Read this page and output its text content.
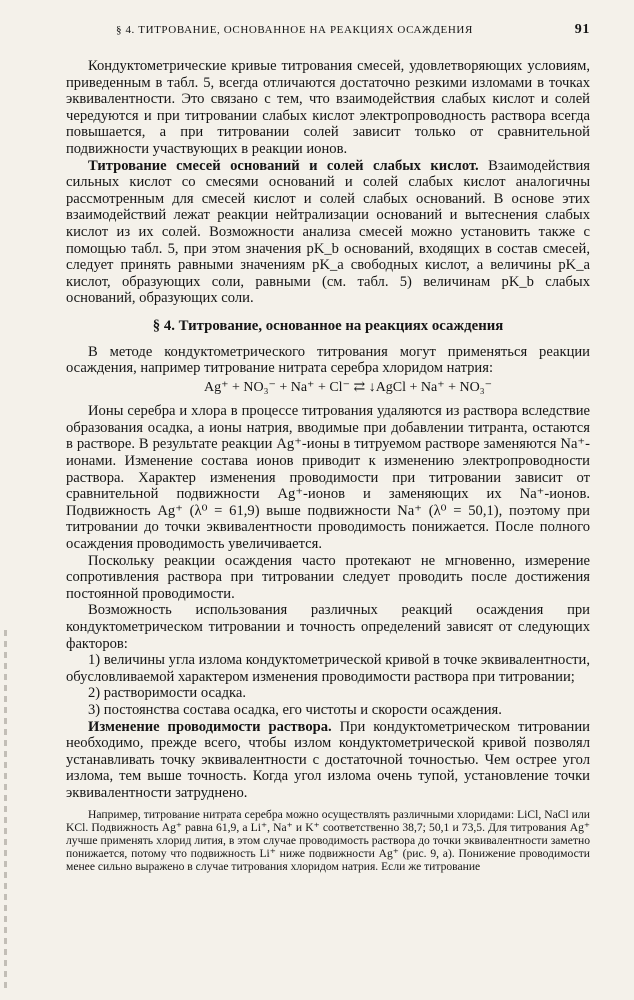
§ 4. ТИТРОВАНИЕ, ОСНОВАННОЕ НА РЕАКЦИЯХ ОСАЖДЕНИЯ	91

Кондуктометрические кривые титрования смесей, удовлетворяющих условиям, приведенным в табл. 5, всегда отличаются достаточно резкими изломами в точках эквивалентности. Это связано с тем, что взаимодействия слабых кислот и солей чередуются и при титровании слабых кислот электропроводность раствора всегда повышается, а при титровании солей зависит только от сравнительной подвижности участвующих в реакции ионов.

Титрование смесей оснований и солей слабых кислот. Взаимодействия сильных кислот со смесями оснований и солей слабых кислот аналогичны рассмотренным для смесей кислот и солей слабых оснований. В основе этих взаимодействий лежат реакции нейтрализации оснований и вытеснения слабых кислот из их солей. Возможности анализа смесей можно установить также с помощью табл. 5, при этом значения pK_b оснований, входящих в состав смесей, следует принять равными значениям pK_a свободных кислот, а величины pK_a кислот, образующих соли, равными (см. табл. 5) величинам pK_b слабых оснований, образующих соли.

§ 4. Титрование, основанное на реакциях осаждения

В методе кондуктометрического титрования могут применяться реакции осаждения, например титрование нитрата серебра хлоридом натрия:

Ag⁺ + NO₃⁻ + Na⁺ + Cl⁻ ⇄ ↓AgCl + Na⁺ + NO₃⁻

Ионы серебра и хлора в процессе титрования удаляются из раствора вследствие образования осадка, а ионы натрия, вводимые при добавлении титранта, остаются в растворе. В результате реакции Ag⁺-ионы в титруемом растворе заменяются Na⁺-ионами. Изменение состава ионов приводит к изменению электропроводности раствора. Характер изменения проводимости при титровании зависит от сравнительной подвижности Ag⁺-ионов и заменяющих их Na⁺-ионов. Подвижность Ag⁺ (λ⁰ = 61,9) выше подвижности Na⁺ (λ⁰ = 50,1), поэтому при титровании до точки эквивалентности проводимость понижается. После полного осаждения проводимость увеличивается.

Поскольку реакции осаждения часто протекают не мгновенно, измерение сопротивления раствора при титровании следует проводить после достижения постоянной проводимости.

Возможность использования различных реакций осаждения при кондуктометрическом титровании и точность определений зависят от следующих факторов:

1) величины угла излома кондуктометрической кривой в точке эквивалентности, обусловливаемой характером изменения проводимости раствора при титровании;

2) растворимости осадка.

3) постоянства состава осадка, его чистоты и скорости осаждения.

Изменение проводимости раствора. При кондуктометрическом титровании необходимо, прежде всего, чтобы излом кондуктометрической кривой позволял устанавливать точку эквивалентности с достаточной точностью. Чем острее угол излома, тем выше точность. Когда угол излома очень тупой, установление точки эквивалентности затруднено.

Например, титрование нитрата серебра можно осуществлять различными хлоридами: LiCl, NaCl или KCl. Подвижность Ag⁺ равна 61,9, а Li⁺, Na⁺ и K⁺ соответственно 38,7; 50,1 и 73,5. Для титрования Ag⁺ лучше применять хлорид лития, в этом случае проводимость раствора до точки эквивалентности заметно понижается, потому что подвижность Li⁺ ниже подвижности Ag⁺ (рис. 9, а). Понижение проводимости менее сильно выражено в случае титрования хлоридом натрия. Если же титрование
